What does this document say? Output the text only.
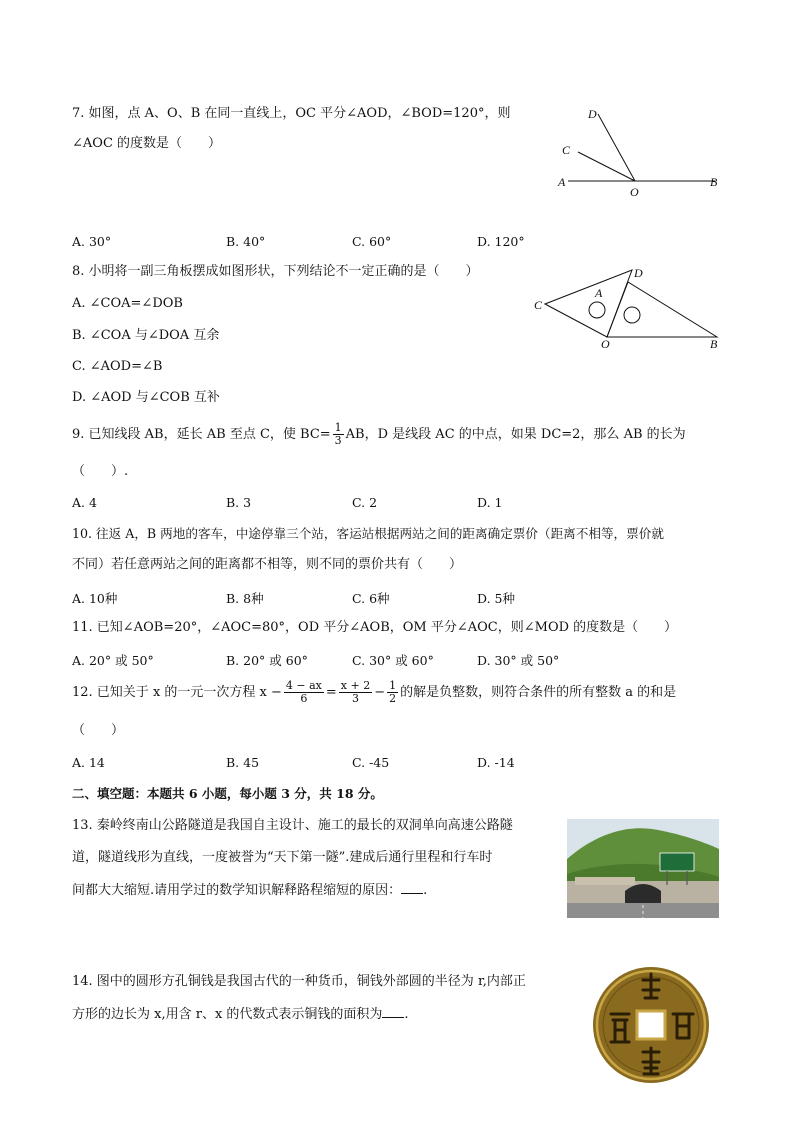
7. 如图，点 A、O、B 在同一直线上，OC 平分∠AOD，∠BOD=120°，则
∠AOC 的度数是（　　）
A
O
B
C
D
A. 30°	B. 40°	C. 60°	D. 120°
8. 小明将一副三角板摆成如图形状，下列结论不一定正确的是（　　）
A. ∠COA=∠DOB
B. ∠COA 与∠DOA 互余
C. ∠AOD=∠B
D. ∠AOD 与∠COB 互补
C
A
D
O	B
9. 已知线段 AB，延长 AB 至点 C，使 $BC= \frac{1}{3}$ AB，D 是线段 AC 的中点，如果 DC=2，那么 AB 的长为
（　　）.
A. 4	B. 3	C. 2	D. 1
10. 往返 A，B 两地的客车，中途停靠三个站，客运站根据两站之间的距离确定票价（距离不相等，票价就
不同）若任意两站之间的距离都不相等，则不同的票价共有（　　）
A. 10种	B. 8种	C. 6种	D. 5种
11. 已知∠AOB=20°，∠AOC=80°，OD 平分∠AOB，OM 平分∠AOC，则∠MOD 的度数是（　　）
A. 20° 或 50°	B. 20° 或 60°	C. 30° 或 60°	D. 30° 或 50°
12. 已知关于 x 的一元一次方程 $x - \frac{4 - ax}{6} = \frac{x + 2}{3} - \frac{1}{2}$ 的解是负整数，则符合条件的所有整数 a 的和是
（　　）
A. 14	B. 45	C. -45	D. -14
二、填空题：本题共 6 小题，每小题 3 分，共 18 分。
13. 秦岭终南山公路隧道是我国自主设计、施工的最长的双洞单向高速公路隧
道，隧道线形为直线，一度被誉为“天下第一隧”.建成后通行里程和行车时
间都大大缩短.请用学过的数学知识解释路程缩短的原因： .
14. 图中的圆形方孔铜钱是我国古代的一种货币，铜钱外部圆的半径为 r,内部正
方形的边长为 x,用含 r、x 的代数式表示铜钱的面积为 .
